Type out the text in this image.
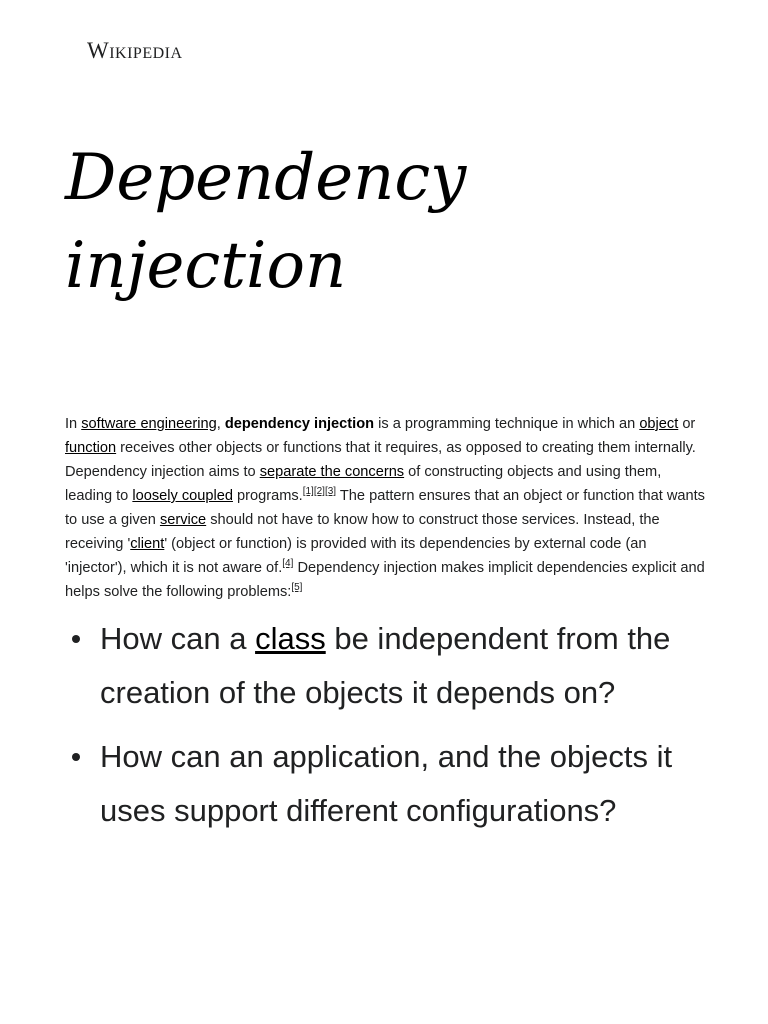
Wikipedia
Dependency
injection

In software engineering, dependency injection is a programming technique in which an object or function receives other objects or functions that it requires, as opposed to creating them internally. Dependency injection aims to separate the concerns of constructing objects and using them, leading to loosely coupled programs.[1][2][3] The pattern ensures that an object or function that wants to use a given service should not have to know how to construct those services. Instead, the receiving 'client' (object or function) is provided with its dependencies by external code (an 'injector'), which it is not aware of.[4] Dependency injection makes implicit dependencies explicit and helps solve the following problems:[5]

How can a class be independent from the creation of the objects it depends on?
How can an application, and the objects it uses support different configurations?
